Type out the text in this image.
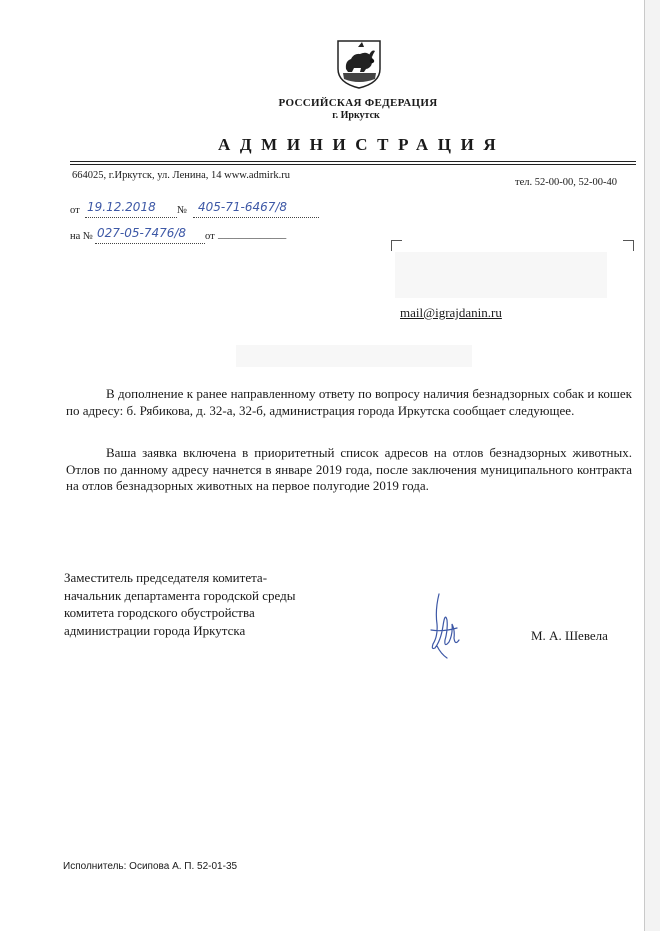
РОССИЙСКАЯ ФЕДЕРАЦИЯ
г. Иркутск
АДМИНИСТРАЦИЯ
664025, г.Иркутск, ул. Ленина, 14 www.admirk.ru
тел. 52-00-00, 52-00-40
от 19.12.2018 № 405-71-6467/8
на № 027-05-7476/8 от _____________
mail@igrajdanin.ru
В дополнение к ранее направленному ответу по вопросу наличия безнадзорных собак и кошек по адресу: б. Рябикова, д. 32-а, 32-б, администрация города Иркутска сообщает следующее.
Ваша заявка включена в приоритетный список адресов на отлов безнадзорных животных. Отлов по данному адресу начнется в январе 2019 года, после заключения муниципального контракта на отлов безнадзорных животных на первое полугодие 2019 года.
Заместитель председателя комитета-
начальник департамента городской среды
комитета городского обустройства
администрации города Иркутска	М. А. Шевела
Исполнитель: Осипова А. П. 52-01-35
